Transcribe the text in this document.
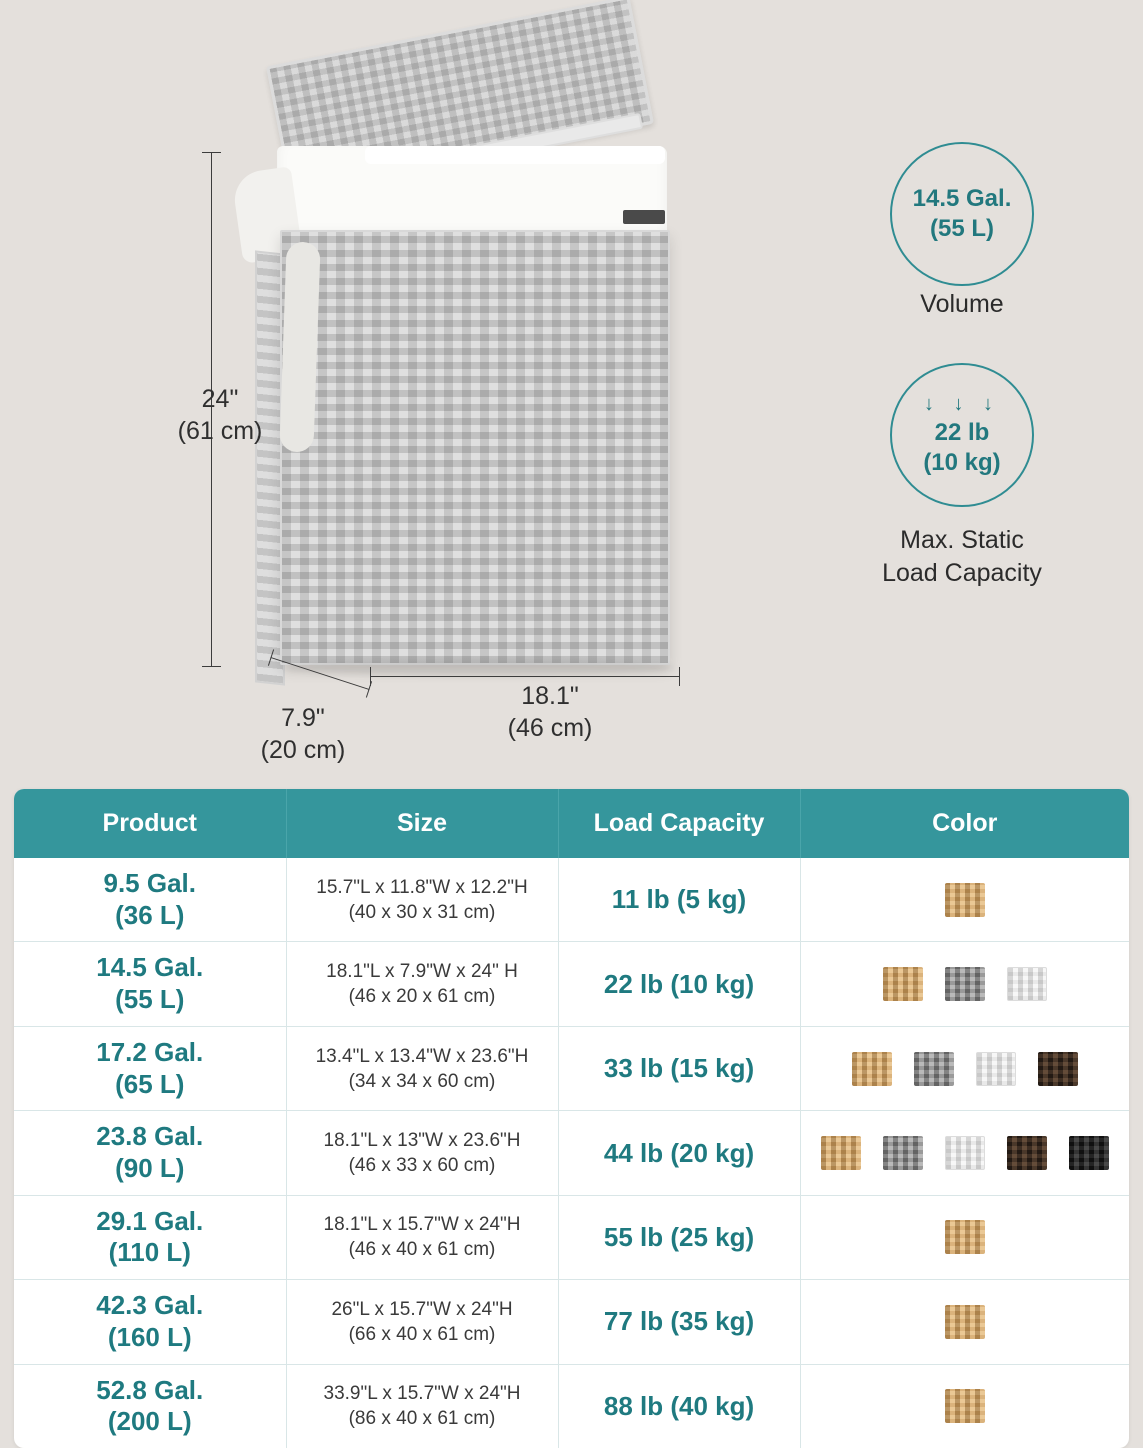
24"
(61 cm)
18.1"
(46 cm)
7.9"
(20 cm)
14.5 Gal.
(55 L)
Volume
↓ ↓ ↓
22 lb
(10 kg)
Max. Static
Load Capacity
Product	Size	Load Capacity	Color

9.5 Gal.
(36 L)

15.7"L x 11.8"W x 12.2"H
(40 x 30 x 31 cm)	11 lb (5 kg)	

14.5 Gal.
(55 L)

18.1"L x 7.9"W x 24" H
(46 x 20 x 61 cm)	22 lb (10 kg)	

17.2 Gal.
(65 L)

13.4"L x 13.4"W x 23.6"H
(34 x 34 x 60 cm)	33 lb (15 kg)	

23.8 Gal.
(90 L)

18.1"L x 13"W x 23.6"H
(46 x 33 x 60 cm)	44 lb (20 kg)	

29.1 Gal.
(110 L)

18.1"L x 15.7"W x 24"H
(46 x 40 x 61 cm)	55 lb (25 kg)	

42.3 Gal.
(160 L)

26"L x 15.7"W x 24"H
(66 x 40 x 61 cm)	77 lb (35 kg)	

52.8 Gal.
(200 L)

33.9"L x 15.7"W x 24"H
(86 x 40 x 61 cm)	88 lb (40 kg)	
